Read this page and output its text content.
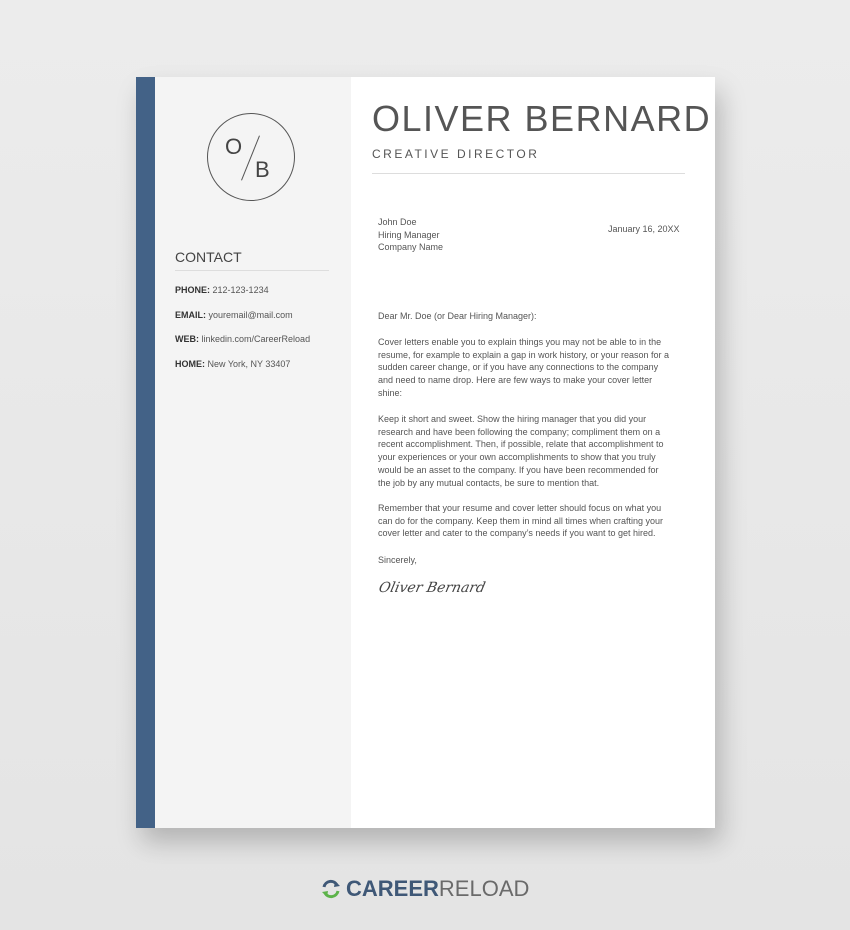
O
B
CONTACT
PHONE: 212-123-1234
EMAIL: youremail@mail.com
WEB: linkedin.com/CareerReload
HOME: New York, NY 33407
OLIVER BERNARD
CREATIVE DIRECTOR
John Doe
Hiring Manager
Company Name
January 16, 20XX
Dear Mr. Doe (or Dear Hiring Manager):
Cover letters enable you to explain things you may not be able to in the
resume, for example to explain a gap in work history, or your reason for a
sudden career change, or if you have any connections to the company
and need to name drop. Here are few ways to make your cover letter
shine:
Keep it short and sweet. Show the hiring manager that you did your
research and have been following the company; compliment them on a
recent accomplishment. Then, if possible, relate that accomplishment to
your experiences or your own accomplishments to show that you truly
would be an asset to the company. If you have been recommended for
the job by any mutual contacts, be sure to mention that.
Remember that your resume and cover letter should focus on what you
can do for the company. Keep them in mind all times when crafting your
cover letter and cater to the company’s needs if you want to get hired.
Sincerely,
Oliver Bernard
CAREER RELOAD
